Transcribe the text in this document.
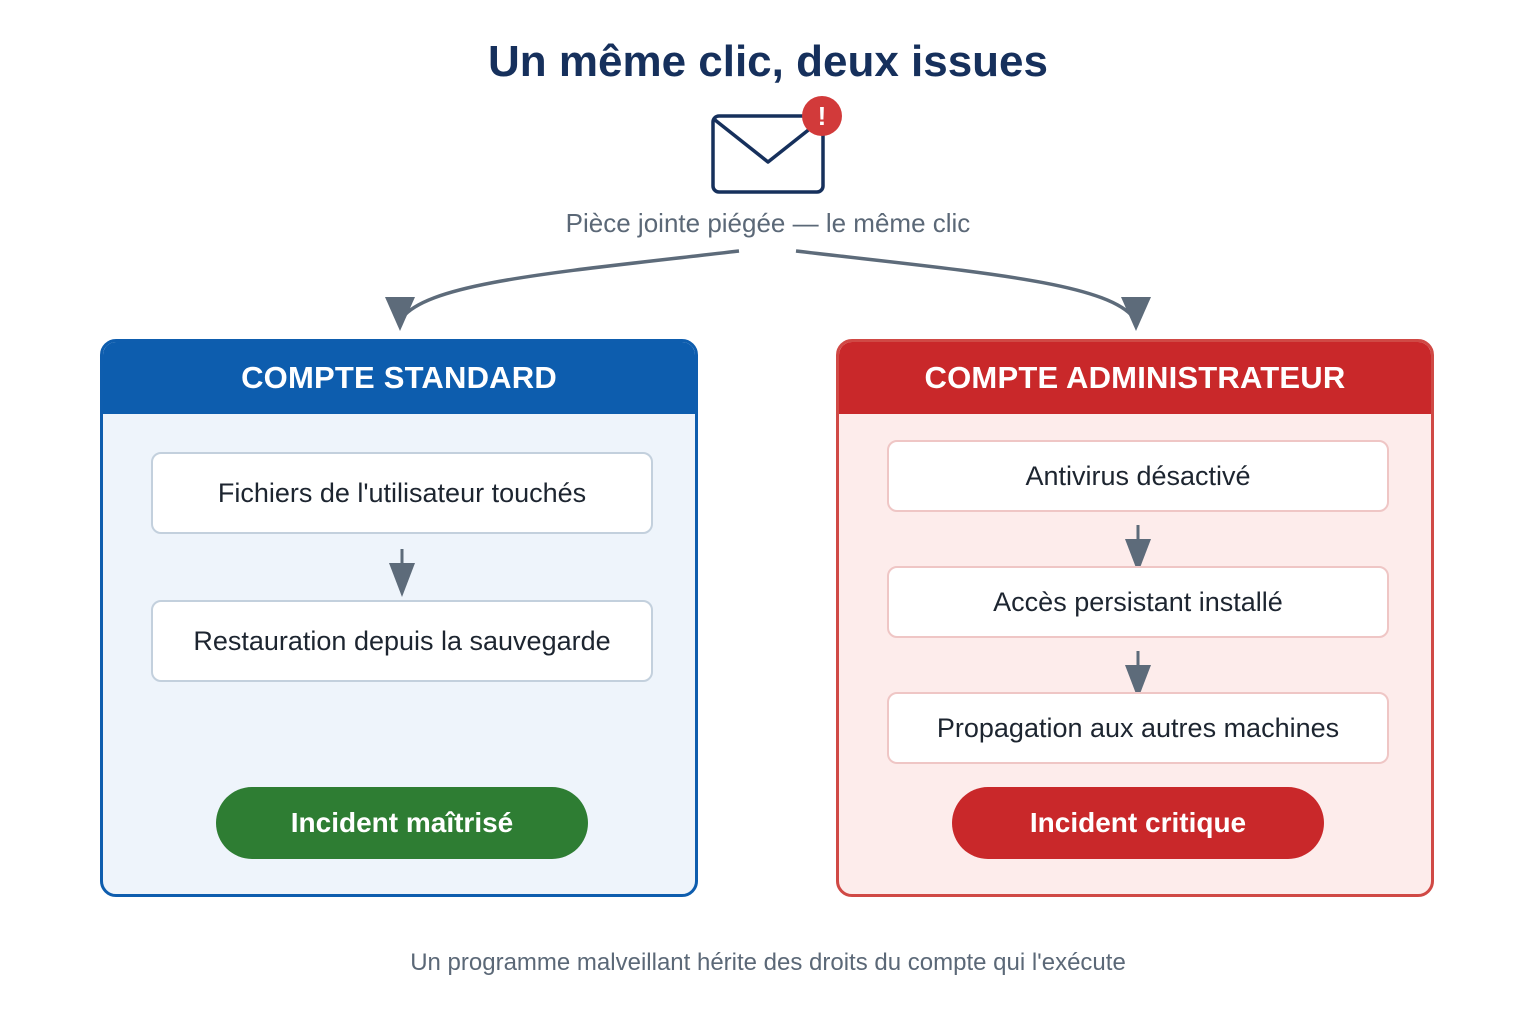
Un même clic, deux issues
!
Pièce jointe piégée — le même clic
COMPTE STANDARD
Fichiers de l'utilisateur touchés
Restauration depuis la sauvegarde
Incident maîtrisé
COMPTE ADMINISTRATEUR
Antivirus désactivé
Accès persistant installé
Propagation aux autres machines
Incident critique
Un programme malveillant hérite des droits du compte qui l'exécute
